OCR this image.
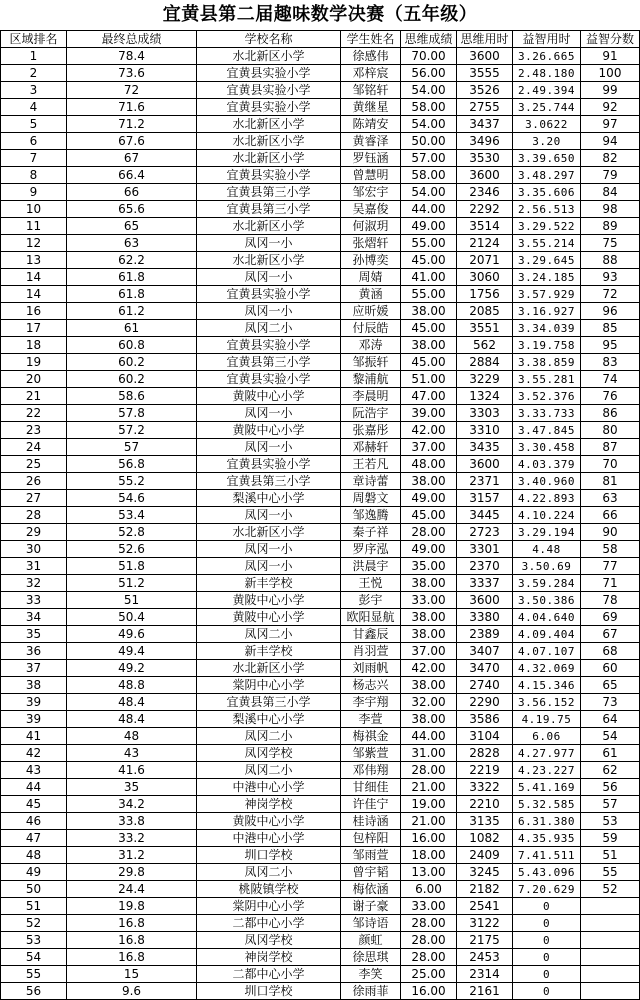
宜黄县第二届趣味数学决赛（五年级）
区域排名	最终总成绩	学校名称	学生姓名	思维成绩	思维用时	益智用时	益智分数
1	78.4	水北新区小学	徐感伟	70.00	3600	3.26.665	91
2	73.6	宜黄县实验小学	邓梓宸	56.00	3555	2.48.180	100
3	72	宜黄县实验小学	邹铭轩	54.00	3526	2.49.394	99
4	71.6	宜黄县实验小学	黄继星	58.00	2755	3.25.744	92
5	71.2	水北新区小学	陈靖安	54.00	3437	3.0622	97
6	67.6	水北新区小学	黄睿泽	50.00	3496	3.20	94
7	67	水北新区小学	罗钰涵	57.00	3530	3.39.650	82
8	66.4	宜黄县实验小学	曾慧明	58.00	3600	3.48.297	79
9	66	宜黄县第三小学	邹宏宇	54.00	2346	3.35.606	84
10	65.6	宜黄县第三小学	吴嘉俊	44.00	2292	2.56.513	98
11	65	水北新区小学	何淑玥	49.00	3514	3.29.522	89
12	63	凤冈一小	张熠轩	55.00	2124	3.55.214	75
13	62.2	水北新区小学	孙博奕	45.00	2071	3.29.645	88
14	61.8	凤冈一小	周婧	41.00	3060	3.24.185	93
14	61.8	宜黄县实验小学	黄涵	55.00	1756	3.57.929	72
16	61.2	凤冈一小	应昕媛	38.00	2085	3.16.927	96
17	61	凤冈二小	付辰皓	45.00	3551	3.34.039	85
18	60.8	宜黄县实验小学	邓涛	38.00	562	3.19.758	95
19	60.2	宜黄县第三小学	邹振轩	45.00	2884	3.38.859	83
20	60.2	宜黄县实验小学	黎浦航	51.00	3229	3.55.281	74
21	58.6	黄陂中心小学	李晨明	47.00	1324	3.52.376	76
22	57.8	凤冈一小	阮浩宇	39.00	3303	3.33.733	86
23	57.2	黄陂中心小学	张嘉彤	42.00	3310	3.47.845	80
24	57	凤冈一小	邓赫轩	37.00	3435	3.30.458	87
25	56.8	宜黄县实验小学	王若凡	48.00	3600	4.03.379	70
26	55.2	宜黄县第三小学	章诗蕾	38.00	2371	3.40.960	81
27	54.6	梨溪中心小学	周磐文	49.00	3157	4.22.893	63
28	53.4	凤冈一小	邹逸腾	45.00	3445	4.10.224	66
29	52.8	水北新区小学	秦子祥	28.00	2723	3.29.194	90
30	52.6	凤冈一小	罗序泓	49.00	3301	4.48	58
31	51.8	凤冈一小	洪晨宇	35.00	2370	3.50.69	77
32	51.2	新丰学校	王悦	38.00	3337	3.59.284	71
33	51	黄陂中心小学	彭宇	33.00	3600	3.50.386	78
34	50.4	黄陂中心小学	欧阳显航	38.00	3380	4.04.640	69
35	49.6	凤冈二小	甘鑫辰	38.00	2389	4.09.404	67
36	49.4	新丰学校	肖羽萱	37.00	3407	4.07.107	68
37	49.2	水北新区小学	刘雨帆	42.00	3470	4.32.069	60
38	48.8	棠阴中心小学	杨志兴	38.00	2740	4.15.346	65
39	48.4	宜黄县第三小学	李宇翔	32.00	2290	3.56.152	73
39	48.4	梨溪中心小学	李萱	38.00	3586	4.19.75	64
41	48	凤冈二小	梅祺金	44.00	3104	6.06	54
42	43	凤冈学校	邹紫萱	31.00	2828	4.27.977	61
43	41.6	凤冈二小	邓伟翔	28.00	2219	4.23.227	62
44	35	中港中心小学	甘细佳	21.00	3322	5.41.169	56
45	34.2	神岗学校	许佳宁	19.00	2210	5.32.585	57
46	33.8	黄陂中心小学	桂诗涵	21.00	3135	6.31.380	53
47	33.2	中港中心小学	包梓阳	16.00	1082	4.35.935	59
48	31.2	圳口学校	邹雨萱	18.00	2409	7.41.511	51
49	29.8	凤冈二小	曾宇韬	13.00	3245	5.43.096	55
50	24.4	桃陂镇学校	梅依涵	6.00	2182	7.20.629	52
51	19.8	棠阴中心小学	谢子豪	33.00	2541	0	
52	16.8	二都中心小学	邹诗语	28.00	3122	0	
53	16.8	凤冈学校	颜虹	28.00	2175	0	
54	16.8	神岗学校	徐思琪	28.00	2453	0	
55	15	二都中心小学	李笑	25.00	2314	0	
56	9.6	圳口学校	徐雨菲	16.00	2161	0	
